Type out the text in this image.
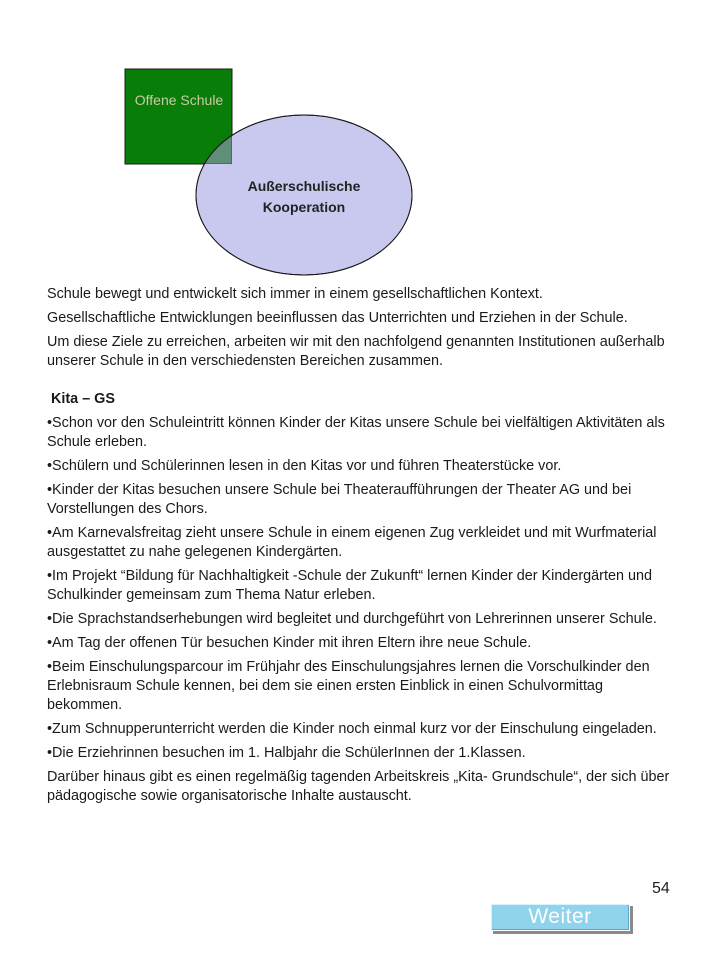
Offene Schule
Außerschulische Kooperation

Schule bewegt und entwickelt sich immer in einem gesellschaftlichen Kontext.

Gesellschaftliche Entwicklungen beeinflussen das Unterrichten und Erziehen in der Schule.

Um diese Ziele zu erreichen, arbeiten wir mit den nachfolgend genannten Institutionen außerhalb unserer Schule in den verschiedensten Bereichen zusammen.

Kita – GS

•Schon vor den Schuleintritt können Kinder der Kitas unsere Schule bei vielfältigen Aktivitäten als Schule erleben.

•Schülern und Schülerinnen lesen in den Kitas vor und führen Theaterstücke vor.

•Kinder der Kitas besuchen unsere Schule bei Theateraufführungen der Theater AG und bei Vorstellungen des Chors.

•Am Karnevalsfreitag zieht unsere Schule in einem eigenen Zug verkleidet und mit Wurfmaterial ausgestattet zu nahe gelegenen Kindergärten.

•Im Projekt “Bildung für Nachhaltigkeit -Schule der Zukunft“ lernen Kinder der Kindergärten und Schulkinder gemeinsam zum Thema Natur erleben.

•Die Sprachstandserhebungen wird begleitet und durchgeführt von Lehrerinnen unserer Schule.

•Am Tag der offenen Tür besuchen Kinder mit ihren Eltern ihre neue Schule.

•Beim Einschulungsparcour im Frühjahr des Einschulungsjahres lernen die Vorschulkinder den Erlebnisraum Schule kennen, bei dem sie einen ersten Einblick in einen Schulvormittag bekommen.

•Zum Schnupperunterricht werden die Kinder noch einmal kurz vor der Einschulung eingeladen.

•Die Erziehrinnen besuchen im 1. Halbjahr die SchülerInnen der 1.Klassen.

Darüber hinaus gibt es einen regelmäßig tagenden Arbeitskreis „Kita- Grundschule“, der sich über pädagogische sowie organisatorische Inhalte austauscht.

54
Weiter
